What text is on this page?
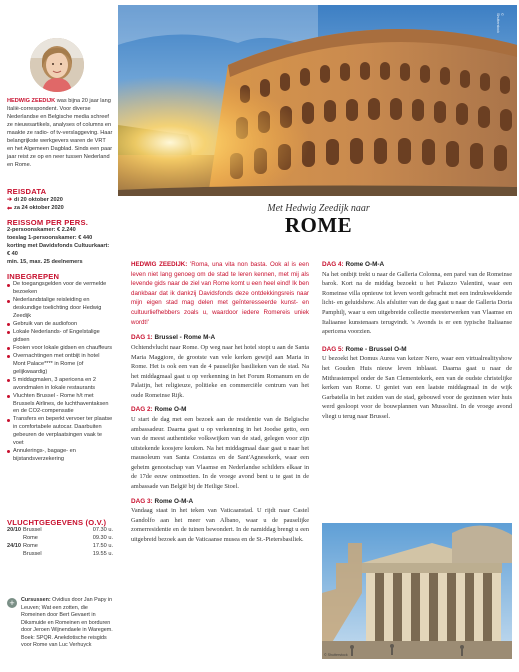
HEDWIG ZEEDIJK was bijna 20 jaar lang Italië-correspondent. Voor diverse Nederlandse en Belgische media schreef ze nieuwsartikels, analyses of columns en maakte ze radio- of tv-verslaggeving. Haar belangrijkste werkgevers waren de VRT en het Algemeen Dagblad. Sinds een paar jaar reist ze op en neer tussen Nederland en Rome.
REISDATA
➔ di 20 oktober 2020
⬅ za 24 oktober 2020
REISSOM PER PERS.
2-persoonskamer: € 2.240
toeslag 1-persoonskamer: € 440
korting met Davidsfonds Cultuurkaart: € 40
min. 15, max. 25 deelnemers
INBEGREPEN
De toegangsgelden voor de vermelde bezoeken
Nederlandstalige reisleiding en deskundige toelichting door Hedwig Zeedijk
Gebruik van de audiofoon
Lokale Nederlands- of Engelstalige gidsen
Fooien voor lokale gidsen en chauffeurs
Overnachtingen met ontbijt in hotel Mont Palace**** in Rome (of gelijkwaardig)
5 middagmalen, 3 apericena en 2 avondmalen in lokale restaurants
Vluchten Brussel - Rome h/t met Brussels Airlines, de luchthaventaksen en de CO2-compensatie
Transfers en beperkt vervoer ter plaatse in comfortabele autocar. Daarbuiten gebeuren de verplaatsingen vaak te voet
Annulerings-, bagage- en bijstandsverzekering
VLUCHTGEGEVENS (O.V.)
20/10 Brussel	07.30 u.
Rome	09.30 u.
24/10 Rome	17.50 u.
Brussel	19.55 u.
+	Cursussen: Ovidius door Jan Papy in Leuven; Wat een zotten, die Romeinen door Bert Gevaert in Diksmuide en Romeinen en borduren door Jeroen Wijnendaele in Waregem. Boek: SPQR. Anekdotische reisgids voor Rome van Luc Verhuyck
© Shutterstock
Met Hedwig Zeedijk naar
ROME
HEDWIG ZEEDIJK: 'Roma, una vita non basta. Ook al is een leven niet lang genoeg om de stad te leren kennen, met mij als levende gids naar de ziel van Rome komt u een heel eind! Ik ben dankbaar dat ik dankzij Davidsfonds deze ontdekkingsreis naar mijn eigen stad mag delen met geïnteresseerde kunst- en cultuurliefhebbers zoals u, waardoor iedere Romereis uniek wordt!'
DAG 1: Brussel - Rome M-A

Ochtendvlucht naar Rome. Op weg naar het hotel stopt u aan de Santa Maria Maggiore, de grootste van vele kerken gewijd aan Maria in Rome. Het is ook een van de 4 pauselijke basilieken van de stad. Na het middagmaal gaat u op verkenning in het Forum Romanum en de Palatijn, het religieuze, politieke en commerciële centrum van het oude Romeinse Rijk.

DAG 2: Rome O-M

U start de dag met een bezoek aan de residentie van de Belgische ambassadeur. Daarna gaat u op verkenning in het Joodse getto, een van de meest authentieke volkswijken van de stad, gelegen voor zijn uitstekende koosjere keuken. Na het middagmaal daar gaat u naar het mausoleum van Santa Costanza en de Sant'Agnesekerk, waar een geheim genootschap van Vlaamse en Nederlandse schilders elkaar in de 17de eeuw ontmoetten. In de vroege avond bent u te gast in de ambassade van België bij de Heilige Stoel.

DAG 3: Rome O-M-A

Vandaag staat in het teken van Vaticaanstad. U rijdt naar Castel Gandolfo aan het meer van Albano, waar u de pauselijke zomerresidentie en de tuinen bewondert. In de namiddag brengt u een uitgebreid bezoek aan de Vaticaanse musea en de St.-Pietersbasiliek.

DAG 4: Rome O-M-A

Na het ontbijt trekt u naar de Galleria Colonna, een parel van de Romeinse barok. Kort na de middag bezoekt u het Palazzo Valentini, waar een Romeinse villa opnieuw tot leven wordt gebracht met een indrukwekkende licht- en geluidshow. Als afsluiter van de dag gaat u naar de Galleria Doria Pamphilj, waar u een uitgebreide collectie meesterwerken van Vlaamse en Italiaanse kunstenaars terugvindt. 's Avonds is er een typische Italiaanse apericena voorzien.

DAG 5: Rome - Brussel O-M

U bezoekt het Domus Aurea van keizer Nero, waar een virtualrealityshow het Gouden Huis nieuw leven inblaast. Daarna gaat u naar de Mithrastempel onder de San Clementekerk, een van de oudste christelijke kerken van Rome. U geniet van een laatste middagmaal in de wijk Garbatella in het zuiden van de stad, gebouwd voor de gezinnen wier huis werd gesloopt voor de bouwplannen van Mussolini. In de vroege avond vliegt u terug naar Brussel.

© Shutterstock
